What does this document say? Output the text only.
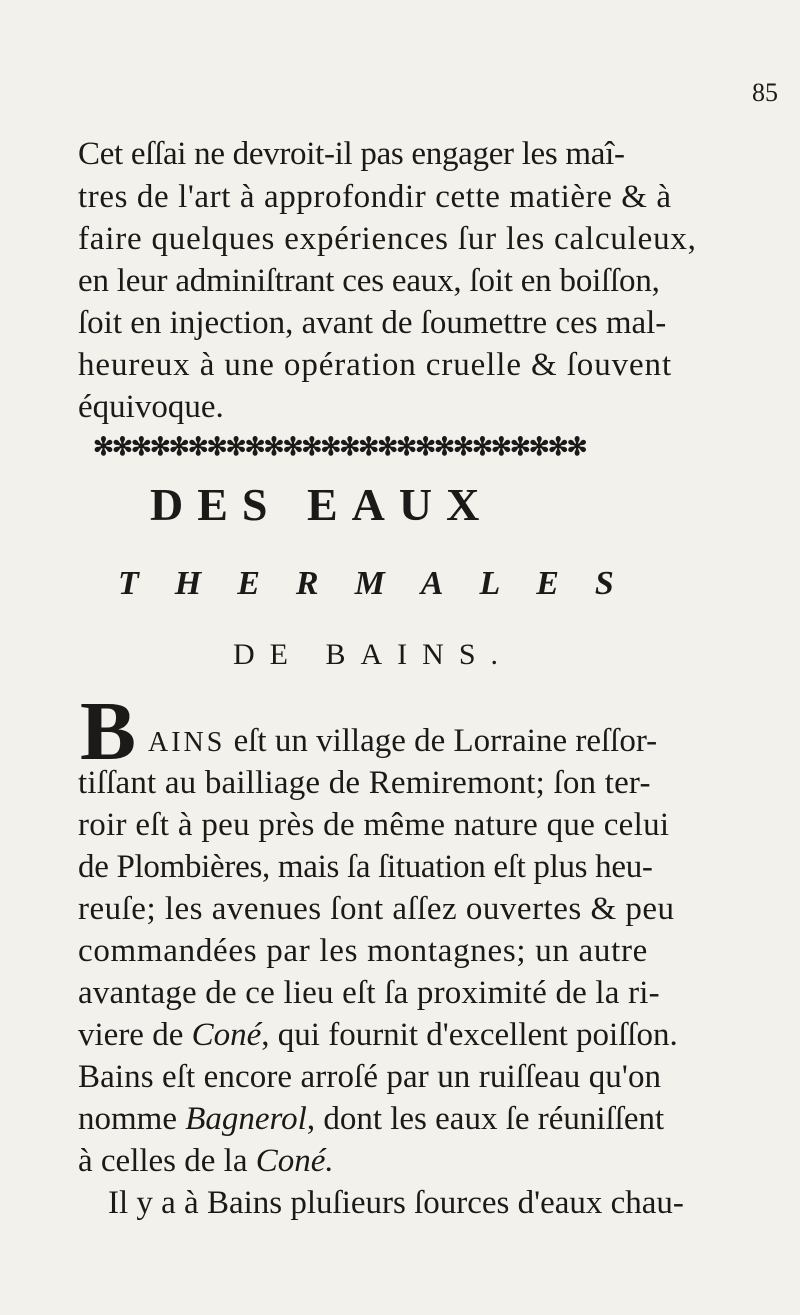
85
Cet eſſai ne devroit-il pas engager les maî-
tres de l'art à approfondir cette matière & à
faire quelques expériences ſur les calculeux,
en leur adminiſtrant ces eaux, ſoit en boiſſon,
ſoit en injection, avant de ſoumettre ces mal-
heureux à une opération cruelle & ſouvent
équivoque.
✻✻✻✻✻✻✻✻✻✻✻✻✻✻✻✻✻✻✻✻✻✻✻✻✻✻
DES EAUX
THERMALES
DE BAINS.
B AINS eſt un village de Lorraine reſſor-
tiſſant au bailliage de Remiremont; ſon ter-
roir eſt à peu près de même nature que celui
de Plombières, mais ſa ſituation eſt plus heu-
reuſe; les avenues ſont aſſez ouvertes & peu
commandées par les montagnes; un autre
avantage de ce lieu eſt ſa proximité de la ri-
viere de Coné, qui fournit d'excellent poiſſon.
Bains eſt encore arroſé par un ruiſſeau qu'on
nomme Bagnerol, dont les eaux ſe réuniſſent
à celles de la Coné.
Il y a à Bains pluſieurs ſources d'eaux chau-
